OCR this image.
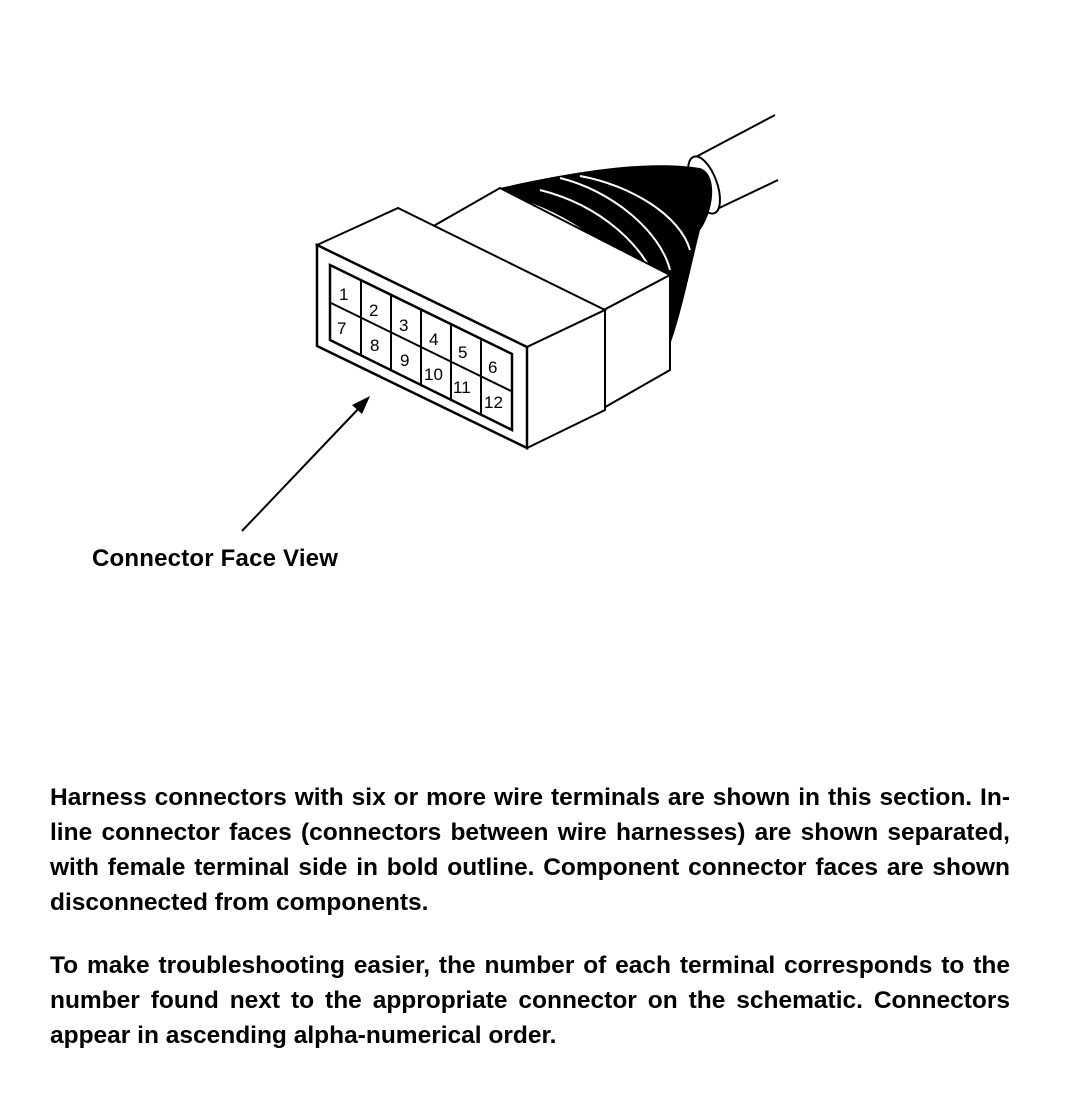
1
2
3
4
5
6
7
8
9
10
11
12
Connector Face View

Harness connectors with six or more wire terminals are shown in this section. In-line connector faces (connectors between wire harnesses) are shown separated, with female terminal side in bold outline. Component connector faces are shown disconnected from components.

To make troubleshooting easier, the number of each terminal corresponds to the number found next to the appropriate connector on the schematic. Connectors appear in ascending alpha-numerical order.
